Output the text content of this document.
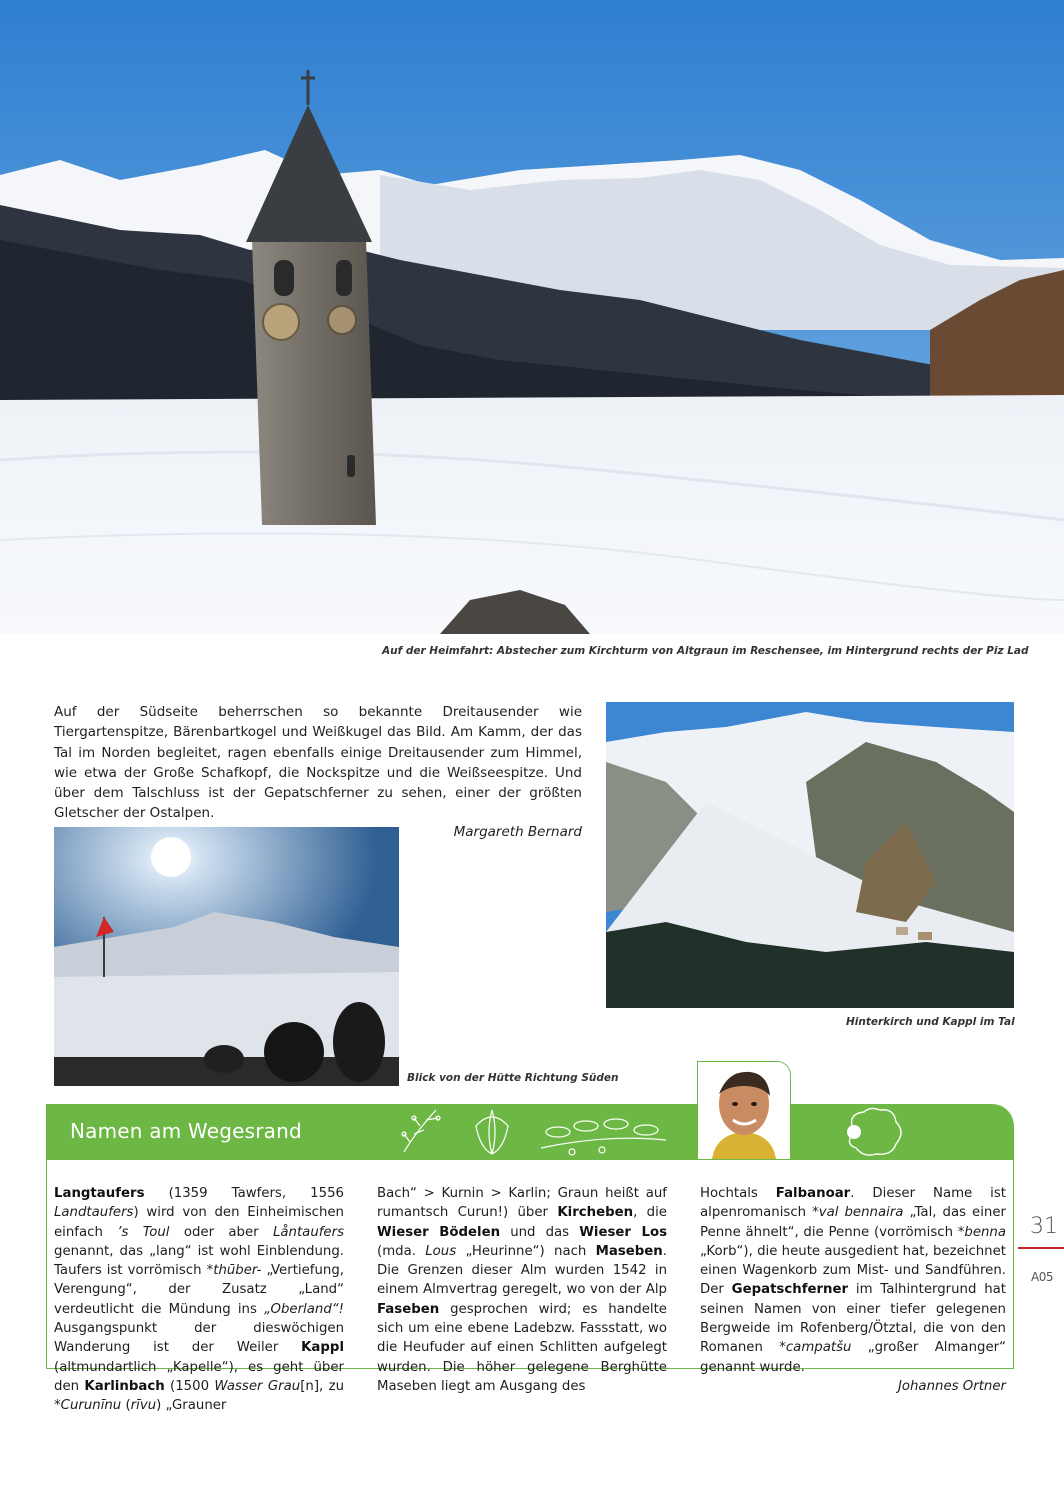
Auf der Heimfahrt: Abstecher zum Kirchturm von Altgraun im Reschensee, im Hintergrund rechts der Piz Lad
Auf der Südseite beherrschen so bekannte Dreitausender wie Tiergartenspitze, Bärenbartkogel und Weißkugel das Bild. Am Kamm, der das Tal im Norden begleitet, ragen ebenfalls einige Dreitausender zum Himmel, wie etwa der Große Schafkopf, die Nockspitze und die Weißseespitze. Und über dem Talschluss ist der Gepatschferner zu sehen, einer der größten Gletscher der Ostalpen.
Margareth Bernard
Blick von der Hütte Richtung Süden
Hinterkirch und Kappl im Tal
Namen am Wegesrand
Langtaufers (1359 Tawfers, 1556 Landtaufers) wird von den Einheimischen einfach ’s Toul oder aber Låntaufers genannt, das „lang“ ist wohl Einblendung. Taufers ist vorrömisch *thūber- „Vertiefung, Verengung“, der Zusatz „Land“ verdeutlicht die Mündung ins „Oberland“! Ausgangspunkt der dieswöchigen Wanderung ist der Weiler Kappl (altmundartlich „Kapelle“), es geht über den Karlinbach (1500 Wasser Grau[n], zu *Curunīnu (rīvu) „Grauner
Bach“ > Kurnin > Karlin; Graun heißt auf rumantsch Curun!) über Kircheben, die Wieser Bödelen und das Wieser Los (mda. Lous „Heurinne“) nach Maseben. Die Grenzen dieser Alm wurden 1542 in einem Almvertrag geregelt, wo von der Alp Faseben gesprochen wird; es handelte sich um eine ebene Ladebzw. Fassstatt, wo die Heufuder auf einen Schlitten aufgelegt wurden. Die höher gelegene Berghütte Maseben liegt am Ausgang des
Hochtals Falbanoar. Dieser Name ist alpenromanisch *val bennaira „Tal, das einer Penne ähnelt“, die Penne (vorrömisch *benna „Korb“), die heute ausgedient hat, bezeichnet einen Wagenkorb zum Mist- und Sandführen. Der Gepatschferner im Talhintergrund hat seinen Namen von einer tiefer gelegenen Bergweide im Rofenberg/Ötztal, die von den Romanen *campatšu „großer Almanger“ genannt wurde.
Johannes Ortner
31
A05
